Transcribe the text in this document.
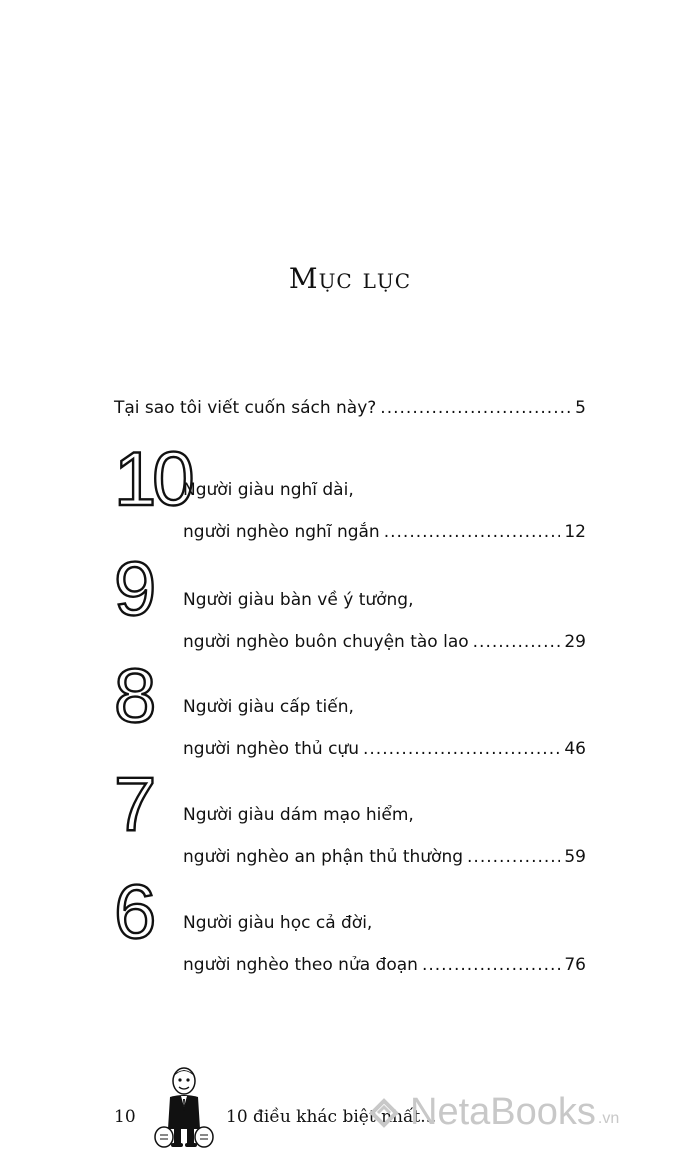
Mục lục
Tại sao tôi viết cuốn sách này? .....	5
10
Người giàu nghĩ dài,
người nghèo nghĩ ngắn .....	12
9 Người giàu bàn về ý tưởng,
người nghèo buôn chuyện tào lao .....	29
8 Người giàu cấp tiến,
người nghèo thủ cựu .....	46
7 Người giàu dám mạo hiểm,
người nghèo an phận thủ thường .....	59
6 Người giàu học cả đời,
người nghèo theo nửa đoạn .....	76
10	10 điều khác biệt nhất...
NetaBooks .vn
